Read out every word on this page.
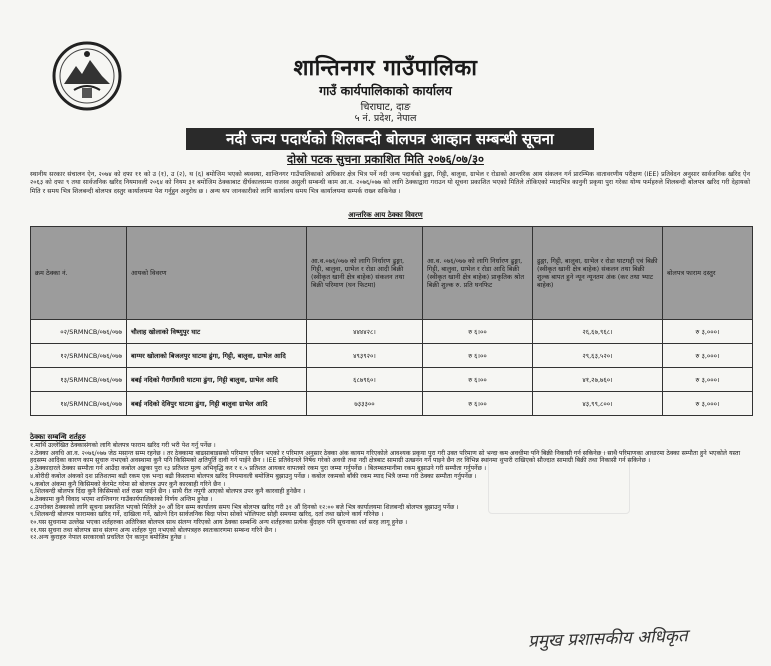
शान्तिनगर गाउँपालिका
गाउँ कार्यपालिकाको कार्यालय
चिराघाट, दाङ
५ नं. प्रदेश, नेपाल
नदी जन्य पदार्थको शिलबन्दी बोलपत्र आव्हान सम्बन्धी सूचना
दोस्रो पटक सुचना प्रकाशित मिति २०७६/०७/३०
स्थानीय सरकार संचालन ऐन, २०७४ को दफा ११ को उ (१), उ (२), थ (६) बमोजिम भएको ब्यवस्था, शान्तिनगर गाउँपालिकाको अधिकार क्षेत्र भित्र पर्ने नदी जन्य पदार्थको ढुङ्गा, गिट्टी, बालुवा, ग्राभेल र रोडाको आन्तरिक आय संकलन गर्न प्रारम्भिक वातावरणीय परीक्षण (IEE) प्रतिवेदन अनुसार सार्वजनिक खरिद ऐन २०६३ को दफा ९ तथा सार्वजनिक खरिद नियमावली २०६४ को नियम ३१ बमोजिम ठेक्काबाट दीर्घकालसम्म राजस्व असुली सम्बन्धी काम आ.व. २०७६/०७७ को लागि ठेक्काद्वारा गराउन यो सूचना प्रकाशित भएको मितिले तोकिएको म्यादभित्र कानुनी प्रकृया पुरा गरेका योग्य फर्महरुले शिलबन्दी बोलपत्र खरिद गरी देहायको मिति र समय भित्र शिलबन्दी बोलपत्र दस्तुर कार्यालयमा पेश गर्नुहुन अनुरोध छ । अन्य थप जानकारीको लागि कार्यालय समय भित्र कार्यालयमा सम्पर्क राख्न सकिनेछ ।
आन्तरिक आय ठेक्का विवरण
क्रम ठेक्का नं.	आयको विवरण	आ.व.०७६/०७७ को लागि निर्धारण ढुङ्गा, गिट्टी, बालुवा, ग्राभेल र रोडा आदी बिक्री (स्वीकृत खानी क्षेत्र बाहेक) संकलन तथा बिक्री परिमाण (घन फिटमा)	आ.व. ०७६/०७७ को लागि निर्धारण ढुङ्गा, गिट्टी, बालुवा, ग्राभेल र रोडा आदि बिक्री (स्वीकृत खानी क्षेत्र बाहेक) प्राकृतिक श्रोत बिक्री शुल्क रु. प्रति घनफिट	ढुङ्गा, गिट्टी, बालुवा, ग्राभेल र रोडा घाटगद्दी एवं बिक्री (स्वीकृत खानी क्षेत्र बाहेक) संकलन तथा बिक्री शुल्क बापत हुने न्यून न्यूनतम अंक (कर तथा भ्याट बाहेक)	बोलपत्र फाराम दस्तुर
०२/SRMNCB/०७६/०७७	चौलाह खोलाको विष्णुपुर घाट	४४४४२८।	रु ६।००	२६,६७,९६८।	रु ३,०००।
१२/SRMNCB/०७६/०७७	बाग्मर खोलाको बिजलपुर घाटमा ढुंगा, गिट्टी, बालुवा, ग्राभेल आदि	४९३९२०।	रु ६।००	२९,६३,५२०।	रु ३,०००।
१३/SRMNCB/०७६/०७७	बबई नदिको गैरागाँवारी घाटमा ढुंगा, गिट्टी बालुवा, ग्राभेल आदि	६८७९६०।	रु ६।००	४१,२७,७६०।	रु ३,०००।
१४/SRMNCB/०७६/०७७	बबई नदिको देविपुर घाटमा ढुंगा, गिट्टी बालुवा ग्राभेल आदि	७३३३००	रु ६।००	४३,९९,८००।	रु ३,०००।
ठेक्का सम्बन्धि शर्तहरु
१.मार्थि उल्लेखित ठेक्कासंगको लागि बोलपत्र फाराम खरिद गरी भरी पेश गर्नु पर्नेछ ।
२.ठेक्का अवधि आ.व. २०७६/०७७ जेठ मसान्त सम्म रहनेछ । तर ठेक्कामा बाढसाबाडसको परिमाण एकिन भएको र परिमाण अनुसार ठेक्का अंक कायम गरिएकोले आवश्यक प्रकृया पुरा गरी उक्त परिमाण सो भन्दा कम अवधीमा पनि बिक्री निकासी गर्न सकिनेछ । साथै परिमाणका आधारमा ठेक्का सम्पौता हुने भएकोले यस्ता हदसम्म आदिका कारण काम सुचारु नभएको अवस्थामा कुनै पनि किसिमको क्षतिपूर्ति दावी गर्न पाईने छैन । IEE प्रतिवेदनले निषेध गरेको अवधी तथा नदी क्षेत्रबाट सामाग्री उत्खनन गर्न पाइने छैन तर विभिन्न स्थानमा थुपारी राखिएको सौज्दात सामाग्री बिक्री तथा निकासी गर्न सकिनेछ ।
३.ठेक्कादारले ठेक्का सम्पौता गर्न आउँदा कबोल अङ्कका पुरा १३ प्रतिशत मुल्य अभिवृद्धि कर र १.५ प्रतिशत आयकर वापतको रकम पुरा जम्मा गर्नुपर्नेछ । बिलम्बतमानीमा रकम बुझाउने गरी सम्पौता गर्नुपर्नेछ ।
४.बोरीदी कबोल अंकको दश प्रतिशतमा बढी रकम एक भन्दा बढी किस्तामा बोलपत्र खरिद नियमावली बमोजिम बुझाउनु पर्नेछ । कबोल रकमको बाँकी रकम म्याद भित्रै जम्मा गरी ठेक्का सम्पौता गर्नुपर्नेछ ।
५.कबोल अंकमा कुनै किसिमको केरमेट गरेमा सो बोलपत्र उपर कुनै कारबाही गरिने छैन ।
६.शिलबन्दी बोलपत्र दिंदा कुनै किसिमको शर्त राख्न पाईने छैन । साथै रीत नपुगी आएको बोलपत्र उपर कुनै कारवाही हुनेछैन ।
७.ठेक्कामा कुनै विवाद भएमा शान्तिनगर गाउँकार्यपालिकाको निर्णय अन्तिम हुनेछ ।
८.उपरोक्त ठेक्काको लागि सूचना प्रकाशित भएको मितिले ३० औं दिन सम्म कार्यालय समय भित्र बोलपत्र खरिद गरी ३१ औं दिनको १२:०० बजे भित्र कार्यालयमा शिलबन्दी बोलपत्र बुझाउनु पर्नेछ ।
९.शिलबन्दी बोलपत्र फारामका खरिद गर्ने, दाखिला गर्ने, खोल्ने दिन सार्वजनिक बिदा परेमा सोको भोलिपल्ट सोही समयमा खरिद, दर्ता तथा खोल्ने कार्य गरिनेछ ।
१०.यस सुचनामा उल्लेख भएका शर्तहरुका अतिरिक्त बोलपत्र साथ संलग्न गरिएको आय ठेक्का सम्बन्धि अन्य शर्तहरुका प्रत्येक बुँदाहरु पनि सूचनाका शर्त सरह लागू हुनेछ ।
११.यस सुचना तथा बोलपत्र साथ संलग्न अन्य शर्तहरु पुरा नभएको बोलपत्रहरु स्वतःकारणमा सम्बन्ध गरिने छैन ।
१२.अन्य कुराहरु नेपाल सरकारको प्रचलित ऐन कानुन बमोजिम हुनेछ ।
प्रमुख प्रशासकीय अधिकृत
